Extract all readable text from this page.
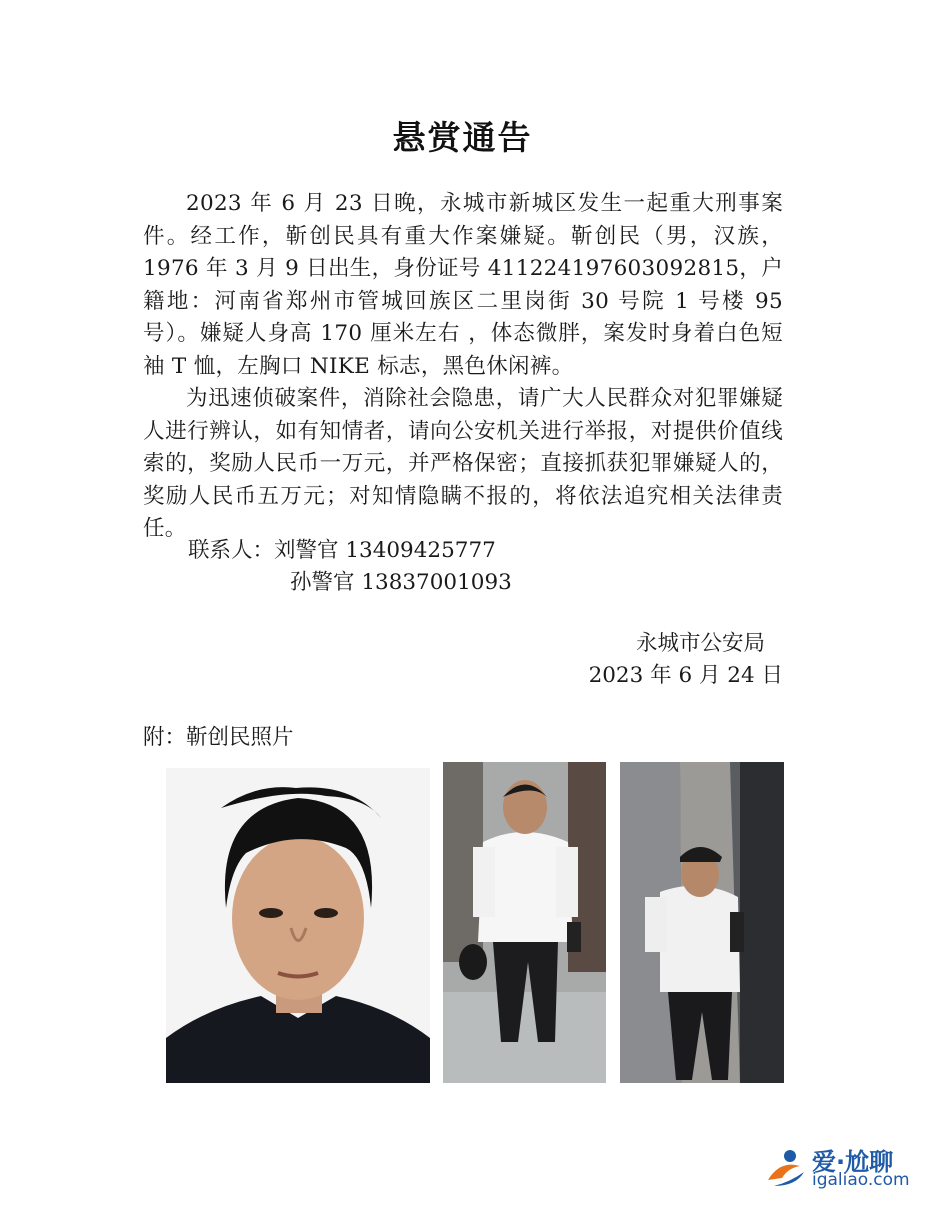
悬赏通告

2023 年 6 月 23 日晚，永城市新城区发生一起重大刑事案件。经工作，靳创民具有重大作案嫌疑。靳创民（男，汉族，1976 年 3 月 9 日出生，身份证号 411224197603092815，户籍地：河南省郑州市管城回族区二里岗街 30 号院 1 号楼 95 号）。嫌疑人身高 170 厘米左右 ，体态微胖，案发时身着白色短袖 T 恤，左胸口 NIKE 标志，黑色休闲裤。

为迅速侦破案件，消除社会隐患，请广大人民群众对犯罪嫌疑人进行辨认，如有知情者，请向公安机关进行举报，对提供价值线索的，奖励人民币一万元，并严格保密；直接抓获犯罪嫌疑人的，奖励人民币五万元；对知情隐瞒不报的，将依法追究相关法律责任。

联系人：刘警官 13409425777
孙警官 13837001093
永城市公安局
2023 年 6 月 24 日
附：靳创民照片
爱·尬聊
igaliao.com
